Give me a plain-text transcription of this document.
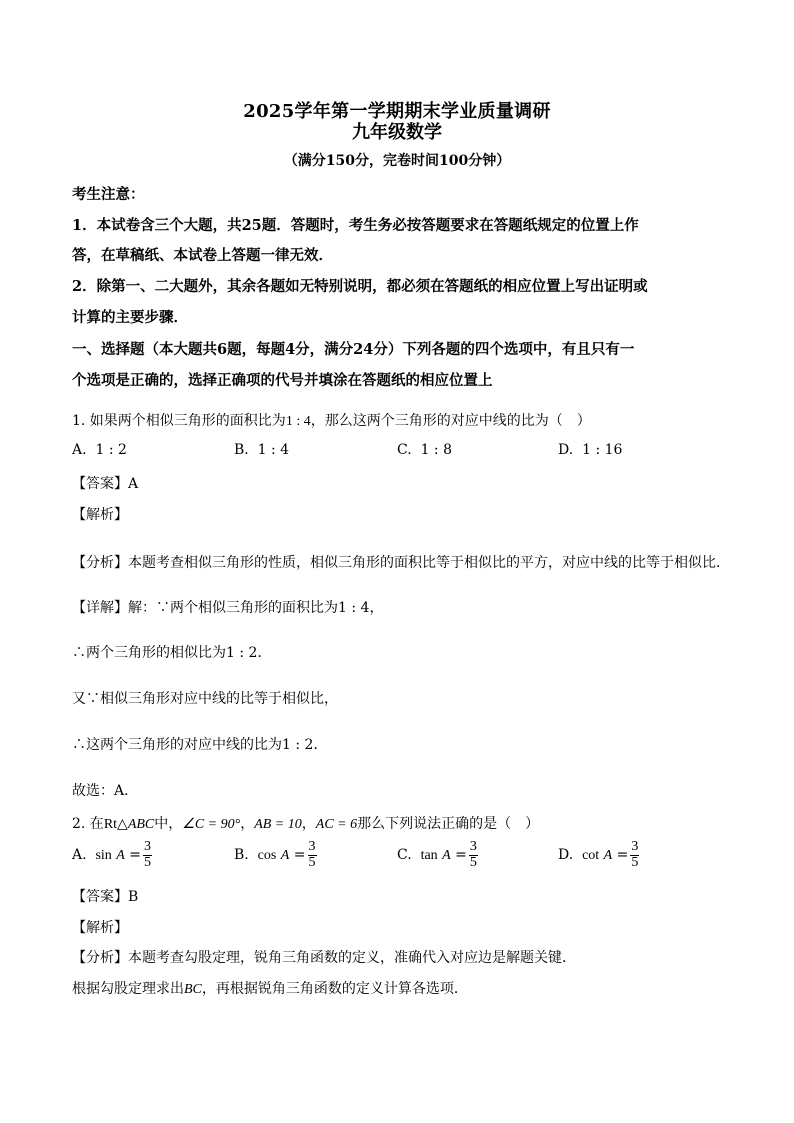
2025学年第一学期期末学业质量调研
九年级数学
（满分150分，完卷时间100分钟）
考生注意：
1．本试卷含三个大题，共25题．答题时，考生务必按答题要求在答题纸规定的位置上作
答，在草稿纸、本试卷上答题一律无效．
2．除第一、二大题外，其余各题如无特别说明，都必须在答题纸的相应位置上写出证明或
计算的主要步骤．
一、选择题（本大题共6题，每题4分，满分24分）下列各题的四个选项中，有且只有一
个选项是正确的，选择正确项的代号并填涂在答题纸的相应位置上
1. 如果两个相似三角形的面积比为1 : 4，那么这两个三角形的对应中线的比为（　）
A. 1 : 2	B. 1 : 4	C. 1 : 8	D. 1 : 16
【答案】A
【解析】
【分析】本题考查相似三角形的性质，相似三角形的面积比等于相似比的平方，对应中线的比等于相似比．
【详解】解：∵两个相似三角形的面积比为1 : 4，
∴两个三角形的相似比为1 : 2．
又∵相似三角形对应中线的比等于相似比，
∴这两个三角形的对应中线的比为1 : 2．
故选：A．
2. 在Rt△ABC中，∠C = 90°，AB = 10，AC = 6那么下列说法正确的是（　）
A. $\sin A = \frac{3}{5}$	B. $\cos A = \frac{3}{5}$	C. $\tan A = \frac{3}{5}$	D. $\cot A = \frac{3}{5}$
【答案】B
【解析】
【分析】本题考查勾股定理，锐角三角函数的定义，准确代入对应边是解题关键．
根据勾股定理求出BC，再根据锐角三角函数的定义计算各选项．
